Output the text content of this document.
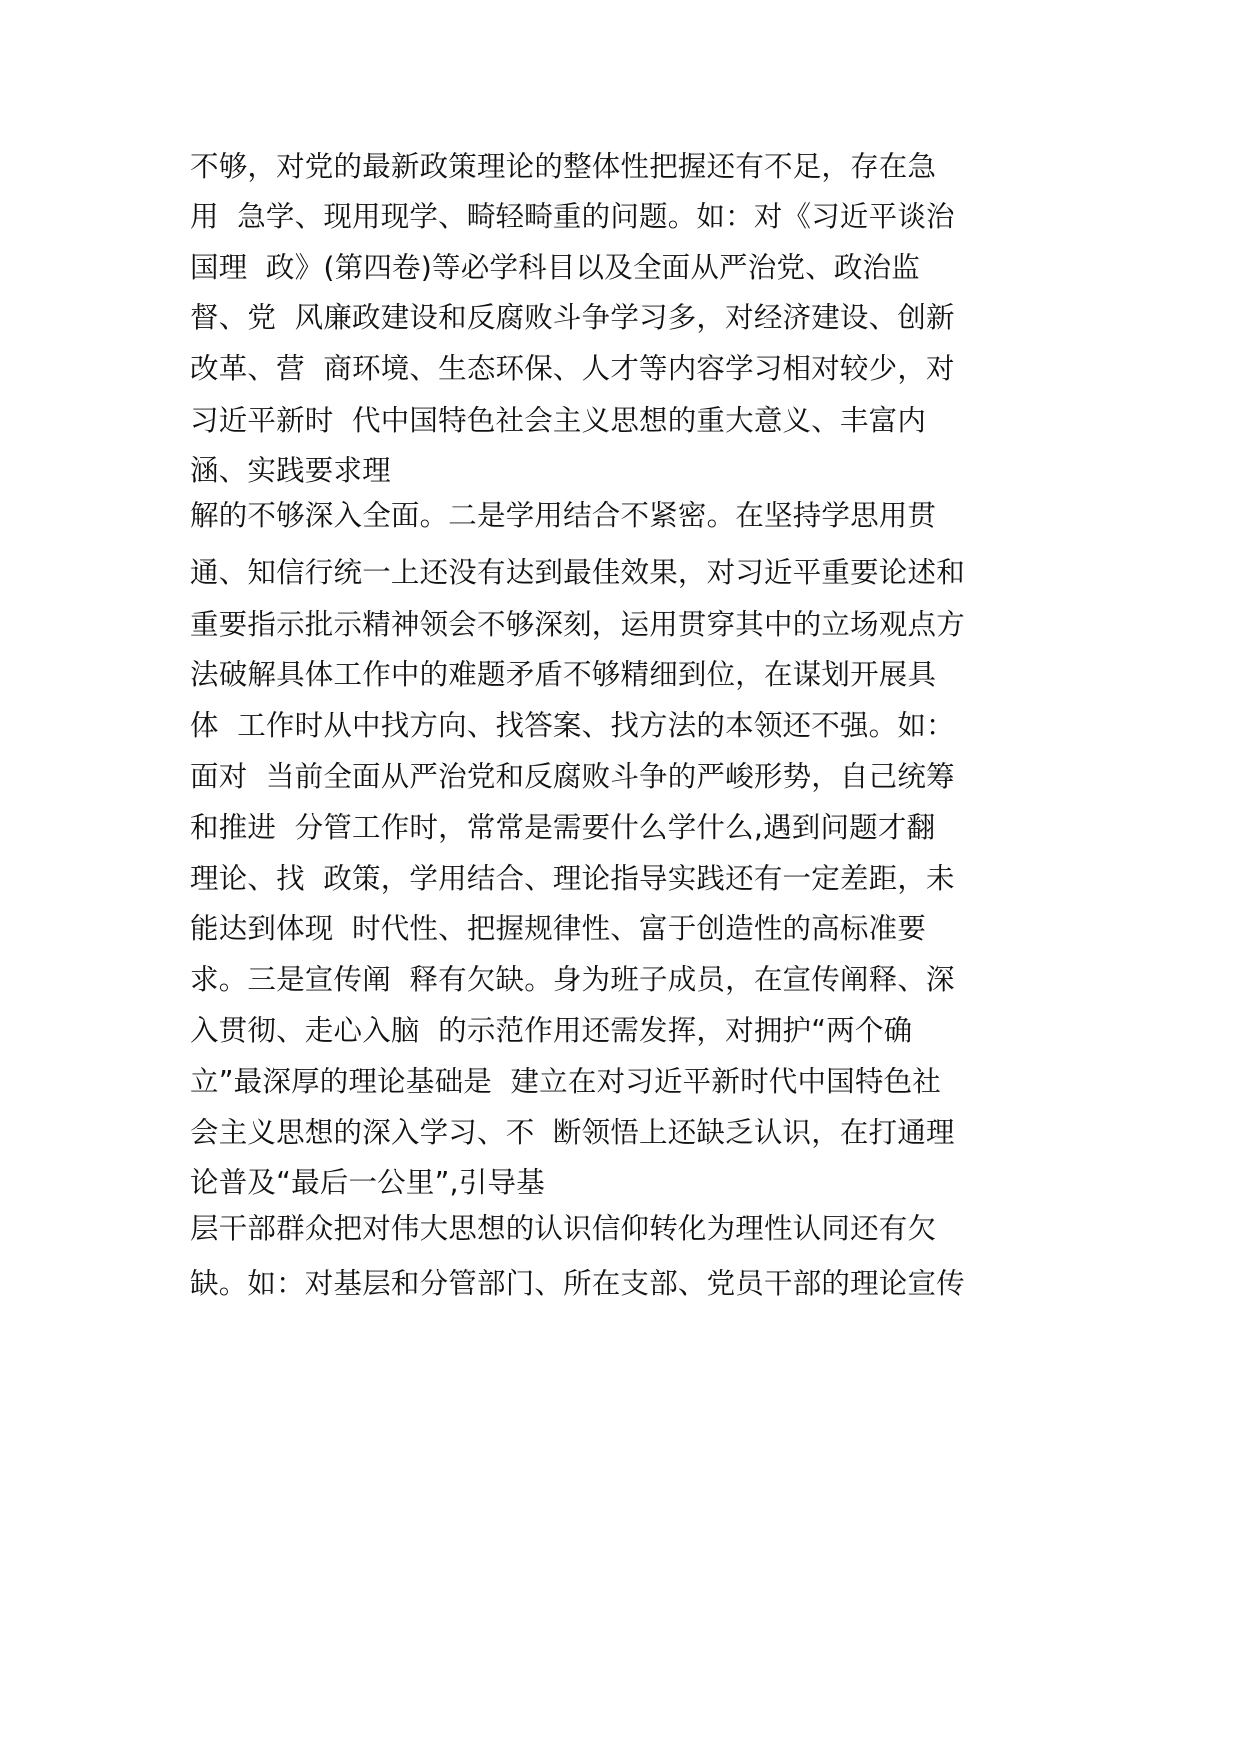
不够，对党的最新政策理论的整体性把握还有不足，存在急
用  急学、现用现学、畸轻畸重的问题。如：对《习近平谈治
国理  政》(第四卷)等必学科目以及全面从严治党、政治监
督、党  风廉政建设和反腐败斗争学习多，对经济建设、创新
改革、营  商环境、生态环保、人才等内容学习相对较少，对
习近平新时  代中国特色社会主义思想的重大意义、丰富内
涵、实践要求理
解的不够深入全面。二是学用结合不紧密。在坚持学思用贯
通、知信行统一上还没有达到最佳效果，对习近平重要论述和
重要指示批示精神领会不够深刻，运用贯穿其中的立场观点方
法破解具体工作中的难题矛盾不够精细到位，在谋划开展具
体  工作时从中找方向、找答案、找方法的本领还不强。如：
面对  当前全面从严治党和反腐败斗争的严峻形势，自己统筹
和推进  分管工作时，常常是需要什么学什么,遇到问题才翻
理论、找  政策，学用结合、理论指导实践还有一定差距，未
能达到体现  时代性、把握规律性、富于创造性的高标准要
求。三是宣传阐  释有欠缺。身为班子成员，在宣传阐释、深
入贯彻、走心入脑  的示范作用还需发挥，对拥护“两个确
立”最深厚的理论基础是  建立在对习近平新时代中国特色社
会主义思想的深入学习、不  断领悟上还缺乏认识，在打通理
论普及“最后一公里”,引导基
层干部群众把对伟大思想的认识信仰转化为理性认同还有欠
缺。如：对基层和分管部门、所在支部、党员干部的理论宣传
